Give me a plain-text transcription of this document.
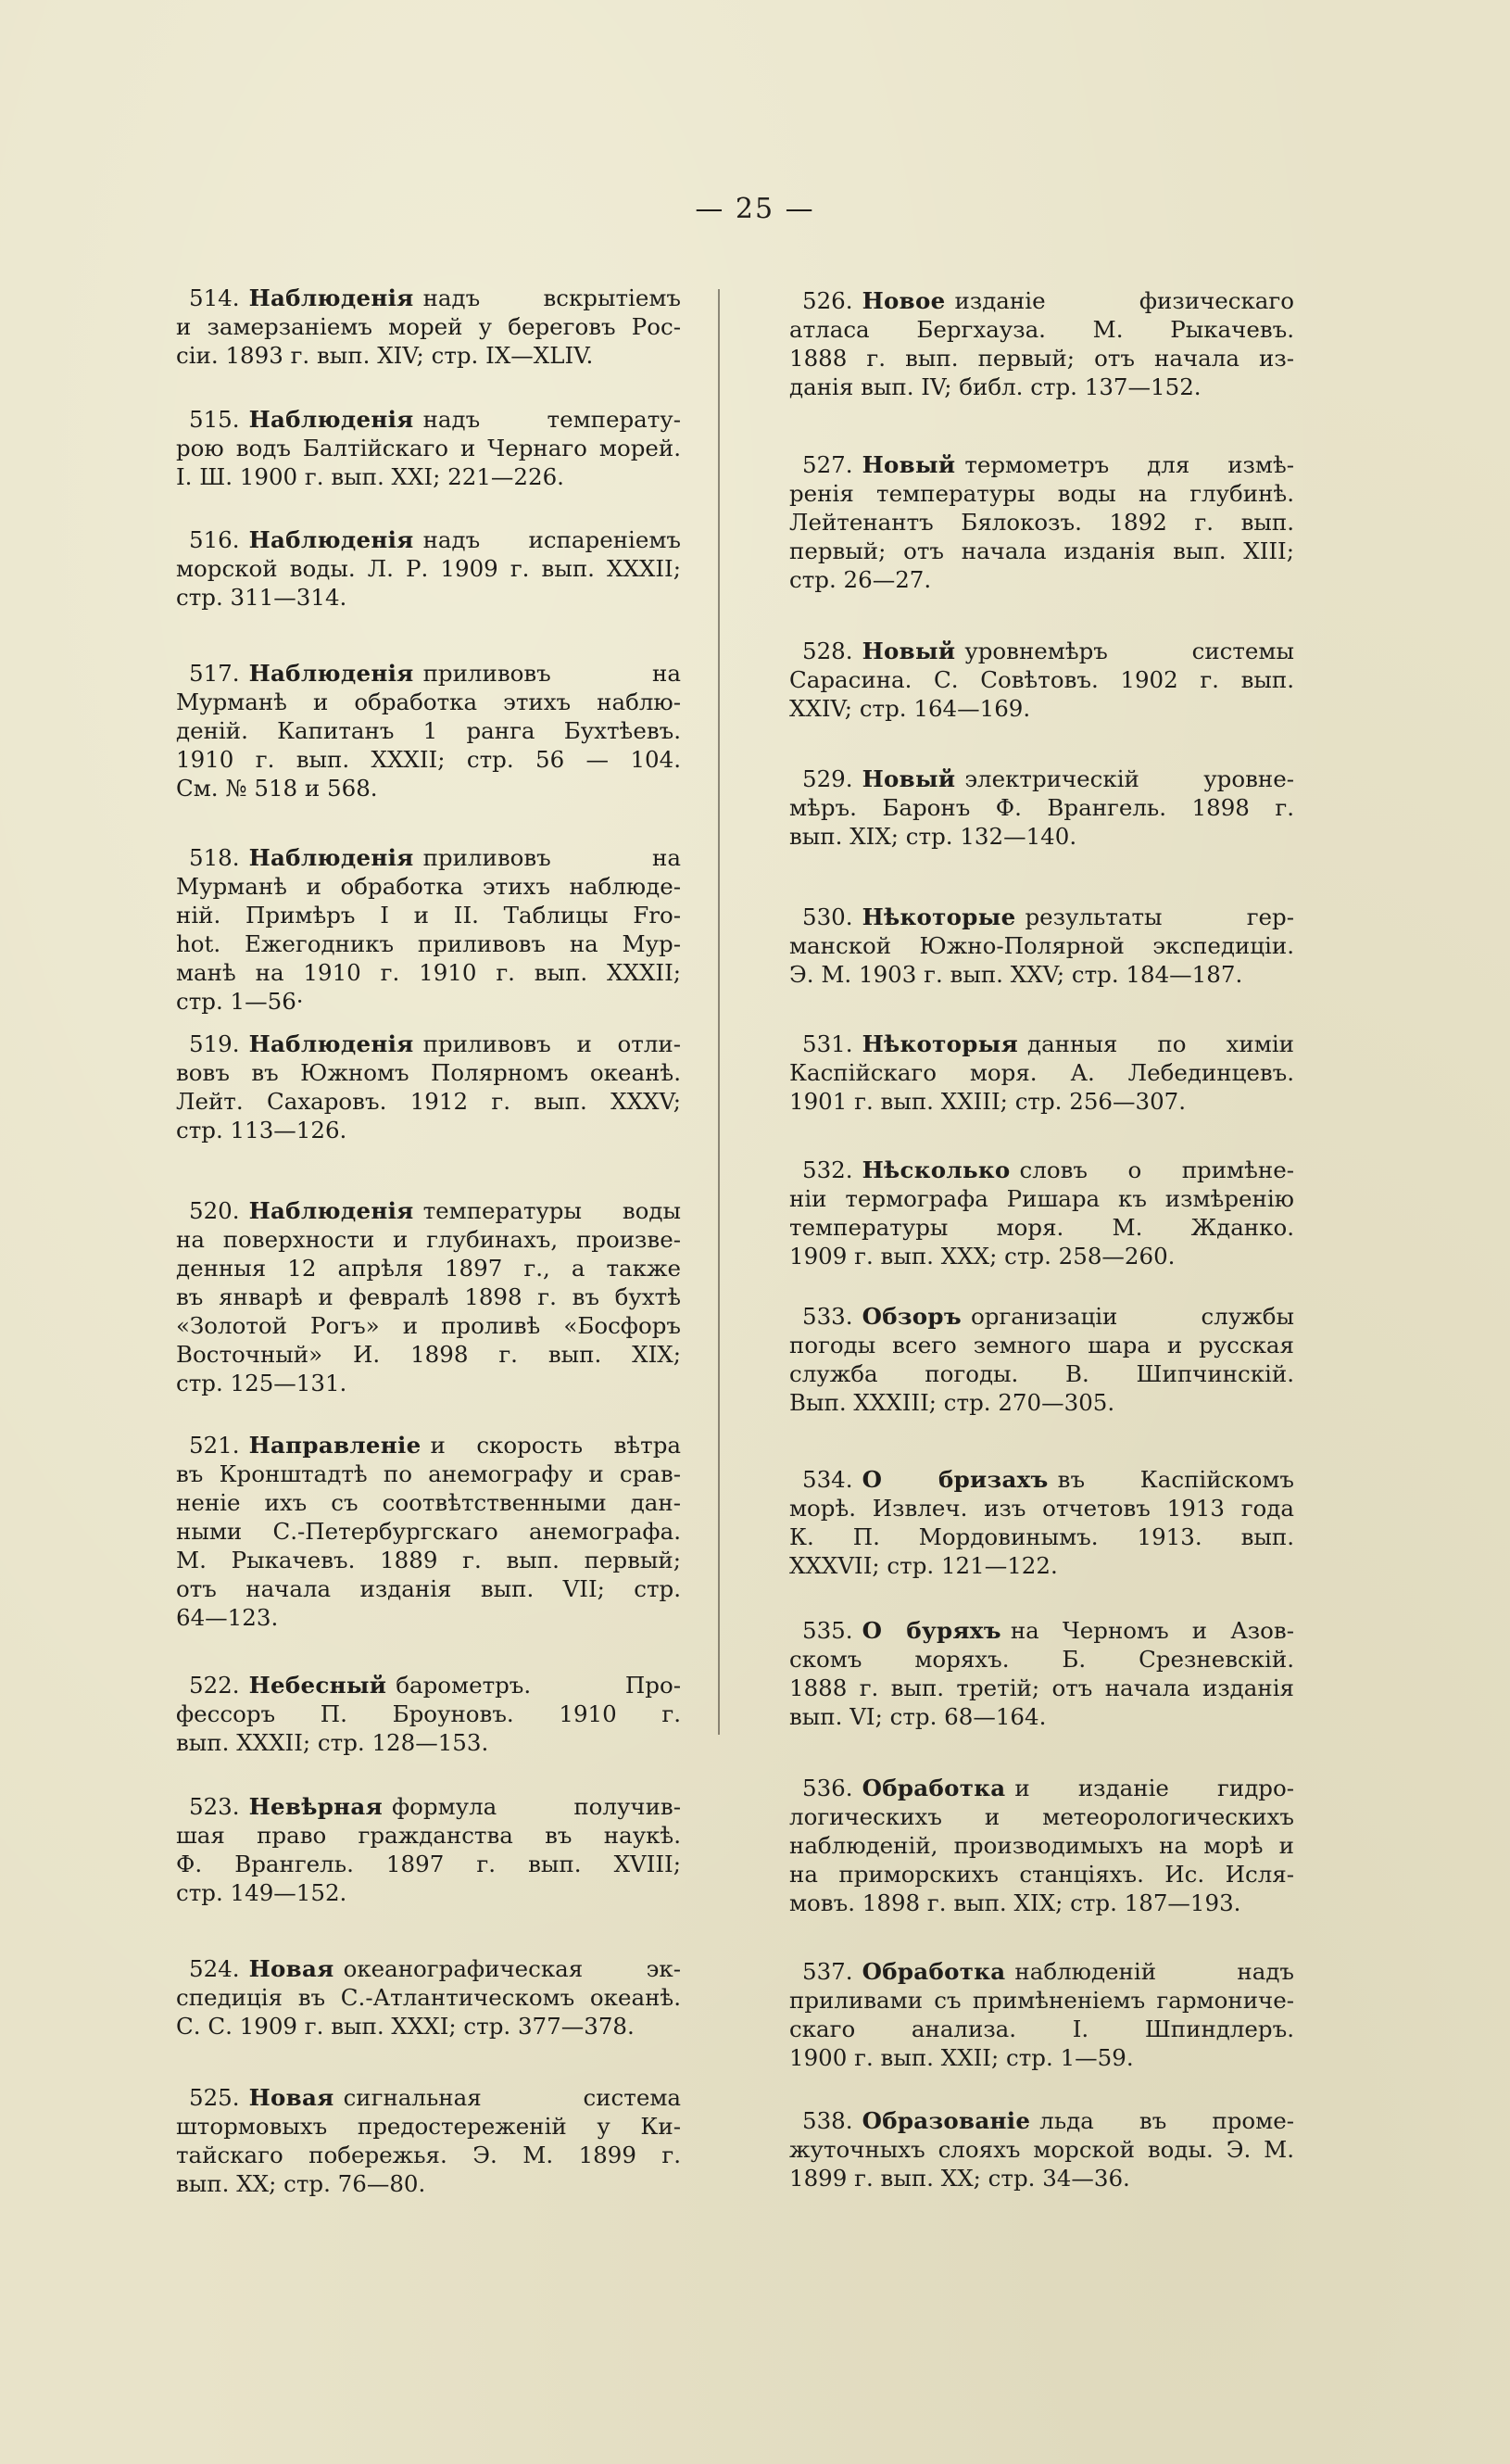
— 25 —
514. Наблюденія надъ вскрытіемъ
и замерзаніемъ морей у береговъ Рос-
сіи. 1893 г. вып. XIV; стр. IX—XLIV.
515. Наблюденія надъ температу-
рою водъ Балтійскаго и Чернаго морей.
І. Ш. 1900 г. вып. XXI; 221—226.
516. Наблюденія надъ испареніемъ
морской воды. Л. Р. 1909 г. вып. XXXII;
стр. 311—314.
517. Наблюденія приливовъ на
Мурманѣ и обработка этихъ наблю-
деній. Капитанъ 1 ранга Бухтѣевъ.
1910 г. вып. XXXII; стр. 56 — 104.
См. № 518 и 568.
518. Наблюденія приливовъ на
Мурманѣ и обработка этихъ наблюде-
ній. Примѣръ I и II. Таблицы Fro-
hot. Ежегодникъ приливовъ на Мур-
манѣ на 1910 г. 1910 г. вып. XXXII;
стр. 1—56·
519. Наблюденія приливовъ и отли-
вовъ въ Южномъ Полярномъ океанѣ.
Лейт. Сахаровъ. 1912 г. вып. XXXV;
стр. 113—126.
520. Наблюденія температуры воды
на поверхности и глубинахъ, произве-
денныя 12 апрѣля 1897 г., а также
въ январѣ и февралѣ 1898 г. въ бухтѣ
«Золотой Рогъ» и проливѣ «Босфоръ
Восточный» И. 1898 г. вып. XIX;
стр. 125—131.
521. Направленіе и скорость вѣтра
въ Кронштадтѣ по анемографу и срав-
неніе ихъ съ соотвѣтственными дан-
ными С.-Петербургскаго анемографа.
М. Рыкачевъ. 1889 г. вып. первый;
отъ начала изданія вып. VII; стр.
64—123.
522. Небесный барометръ. Про-
фессоръ П. Броуновъ. 1910 г.
вып. XXXII; стр. 128—153.
523. Невѣрная формула получив-
шая право гражданства въ наукѣ.
Ф. Врангель. 1897 г. вып. XVIII;
стр. 149—152.
524. Новая океанографическая эк-
спедиція въ С.-Атлантическомъ океанѣ.
С. С. 1909 г. вып. XXXI; стр. 377—378.
525. Новая сигнальная система
штормовыхъ предостереженій у Ки-
тайскаго побережья. Э. М. 1899 г.
вып. XX; стр. 76—80.
526. Новое изданіе физическаго
атласа Бергхауза. М. Рыкачевъ.
1888 г. вып. первый; отъ начала из-
данія вып. IV; библ. стр. 137—152.
527. Новый термометръ для измѣ-
ренія температуры воды на глубинѣ.
Лейтенантъ Бялокозъ. 1892 г. вып.
первый; отъ начала изданія вып. XIII;
стр. 26—27.
528. Новый уровнемѣръ системы
Сарасина. С. Совѣтовъ. 1902 г. вып.
XXIV; стр. 164—169.
529. Новый электрическій уровне-
мѣръ. Баронъ Ф. Врангель. 1898 г.
вып. XIX; стр. 132—140.
530. Нѣкоторые результаты гер-
манской Южно-Полярной экспедиціи.
Э. М. 1903 г. вып. XXV; стр. 184—187.
531. Нѣкоторыя данныя по химіи
Каспійскаго моря. А. Лебединцевъ.
1901 г. вып. XXIII; стр. 256—307.
532. Нѣсколько словъ о примѣне-
ніи термографа Ришара къ измѣренію
температуры моря. М. Жданко.
1909 г. вып. XXX; стр. 258—260.
533. Обзоръ организаціи службы
погоды всего земного шара и русская
служба погоды. В. Шипчинскій.
Вып. XXXIII; стр. 270—305.
534. О бризахъ въ Каспійскомъ
морѣ. Извлеч. изъ отчетовъ 1913 года
К. П. Мордовинымъ. 1913. вып.
XXXVII; стр. 121—122.
535. О буряхъ на Черномъ и Азов-
скомъ моряхъ. Б. Срезневскій.
1888 г. вып. третій; отъ начала изданія
вып. VI; стр. 68—164.
536. Обработка и изданіе гидро-
логическихъ и метеорологическихъ
наблюденій, производимыхъ на морѣ и
на приморскихъ станціяхъ. Ис. Исля-
мовъ. 1898 г. вып. XIX; стр. 187—193.
537. Обработка наблюденій надъ
приливами съ примѣненіемъ гармониче-
скаго анализа. I. Шпиндлеръ.
1900 г. вып. XXII; стр. 1—59.
538. Образованіе льда въ проме-
жуточныхъ слояхъ морской воды. Э. М.
1899 г. вып. XX; стр. 34—36.
